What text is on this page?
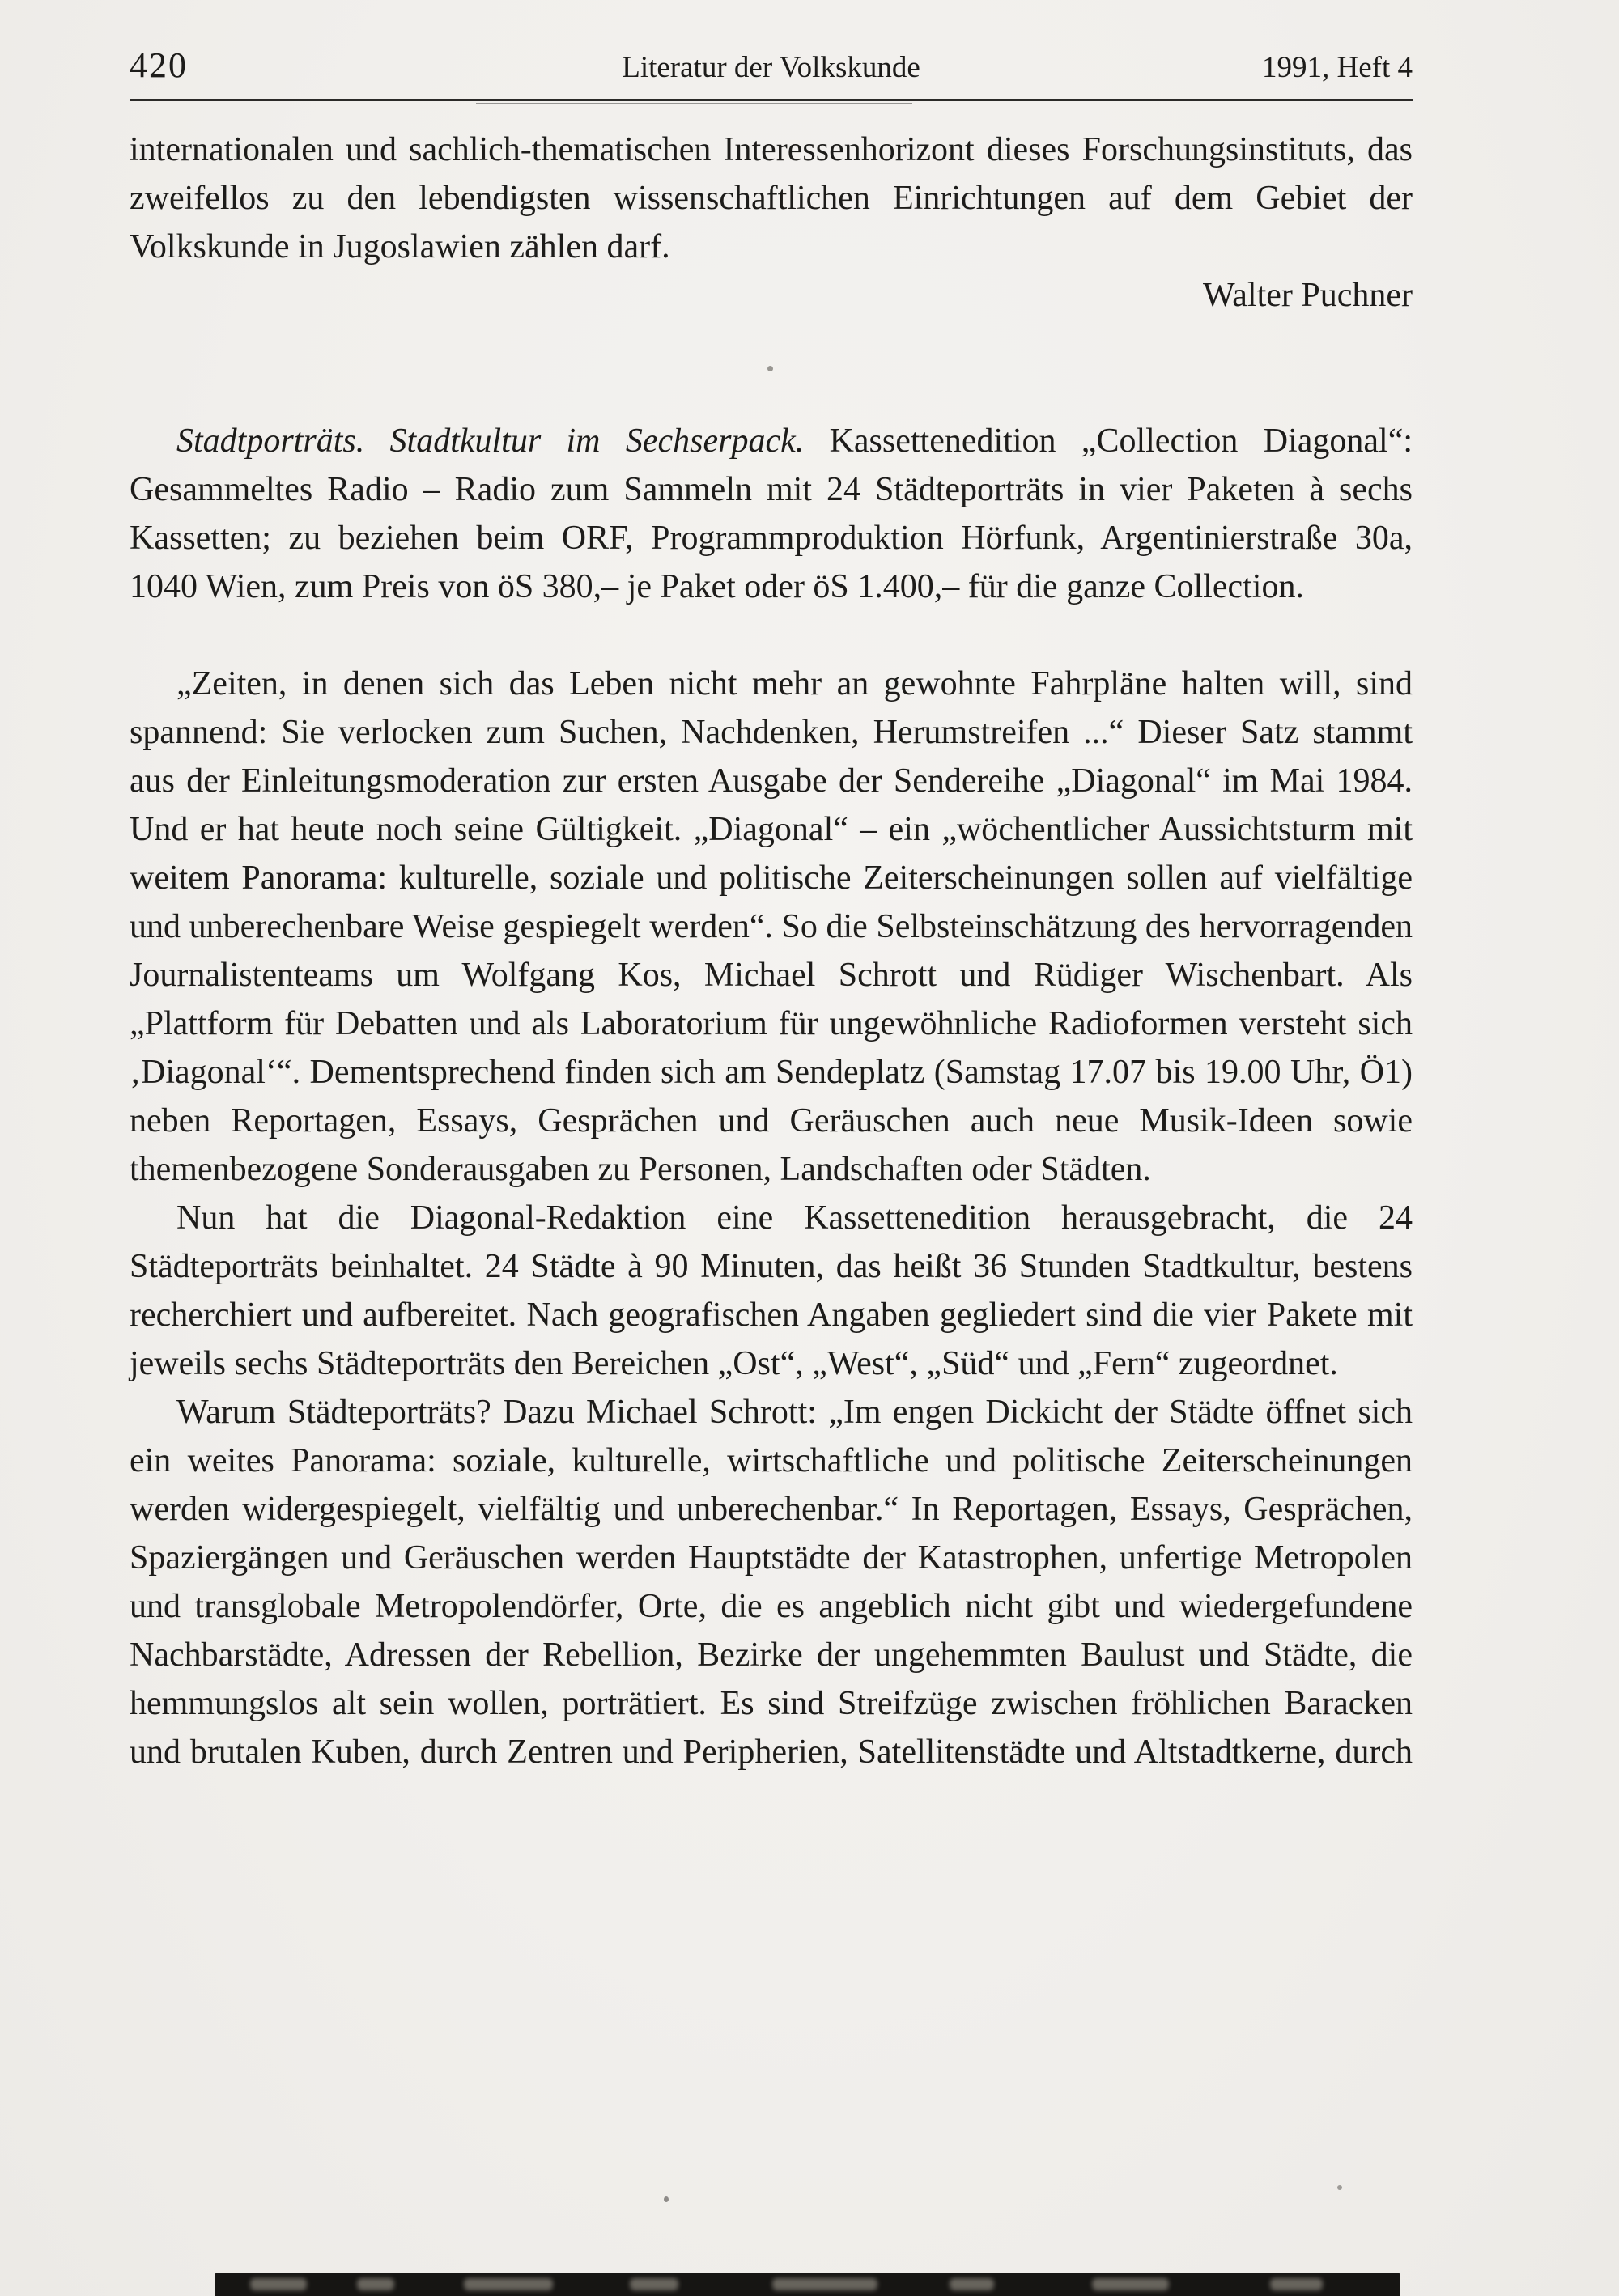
420	Literatur der Volkskunde	1991, Heft 4

internationalen und sachlich-thematischen Interessenhorizont dieses Forschungsinstituts, das zweifellos zu den lebendigsten wissenschaftlichen Einrichtungen auf dem Gebiet der Volkskunde in Jugoslawien zählen darf.

Walter Puchner

Stadtporträts. Stadtkultur im Sechserpack. Kassettenedition „Collection Diagonal“: Gesammeltes Radio – Radio zum Sammeln mit 24 Städteporträts in vier Paketen à sechs Kassetten; zu beziehen beim ORF, Programmproduktion Hörfunk, Argentinierstraße 30a, 1040 Wien, zum Preis von öS 380,– je Paket oder öS 1.400,– für die ganze Collection.

„Zeiten, in denen sich das Leben nicht mehr an gewohnte Fahrpläne halten will, sind spannend: Sie verlocken zum Suchen, Nachdenken, Herumstreifen ...“ Dieser Satz stammt aus der Einleitungsmoderation zur ersten Ausgabe der Sendereihe „Diagonal“ im Mai 1984. Und er hat heute noch seine Gültigkeit. „Diagonal“ – ein „wöchentlicher Aussichtsturm mit weitem Panorama: kulturelle, soziale und politische Zeiterscheinungen sollen auf vielfältige und unberechenbare Weise gespiegelt werden“. So die Selbsteinschätzung des hervorragenden Journalistenteams um Wolfgang Kos, Michael Schrott und Rüdiger Wischenbart. Als „Plattform für Debatten und als Laboratorium für ungewöhnliche Radioformen versteht sich ‚Diagonal‘“. Dementsprechend finden sich am Sendeplatz (Samstag 17.07 bis 19.00 Uhr, Ö1) neben Reportagen, Essays, Gesprächen und Geräuschen auch neue Musik-Ideen sowie themenbezogene Sonderausgaben zu Personen, Landschaften oder Städten.

Nun hat die Diagonal-Redaktion eine Kassettenedition herausgebracht, die 24 Städteporträts beinhaltet. 24 Städte à 90 Minuten, das heißt 36 Stunden Stadtkultur, bestens recherchiert und aufbereitet. Nach geografischen Angaben gegliedert sind die vier Pakete mit jeweils sechs Städteporträts den Bereichen „Ost“, „West“, „Süd“ und „Fern“ zugeordnet.

Warum Städteporträts? Dazu Michael Schrott: „Im engen Dickicht der Städte öffnet sich ein weites Panorama: soziale, kulturelle, wirtschaftliche und politische Zeiterscheinungen werden widergespiegelt, vielfältig und unberechenbar.“ In Reportagen, Essays, Gesprächen, Spaziergängen und Geräuschen werden Hauptstädte der Katastrophen, unfertige Metropolen und transglobale Metropolendörfer, Orte, die es angeblich nicht gibt und wiedergefundene Nachbarstädte, Adressen der Rebellion, Bezirke der ungehemmten Baulust und Städte, die hemmungslos alt sein wollen, porträtiert. Es sind Streifzüge zwischen fröhlichen Baracken und brutalen Kuben, durch Zentren und Peripherien, Satellitenstädte und Altstadtkerne, durch
